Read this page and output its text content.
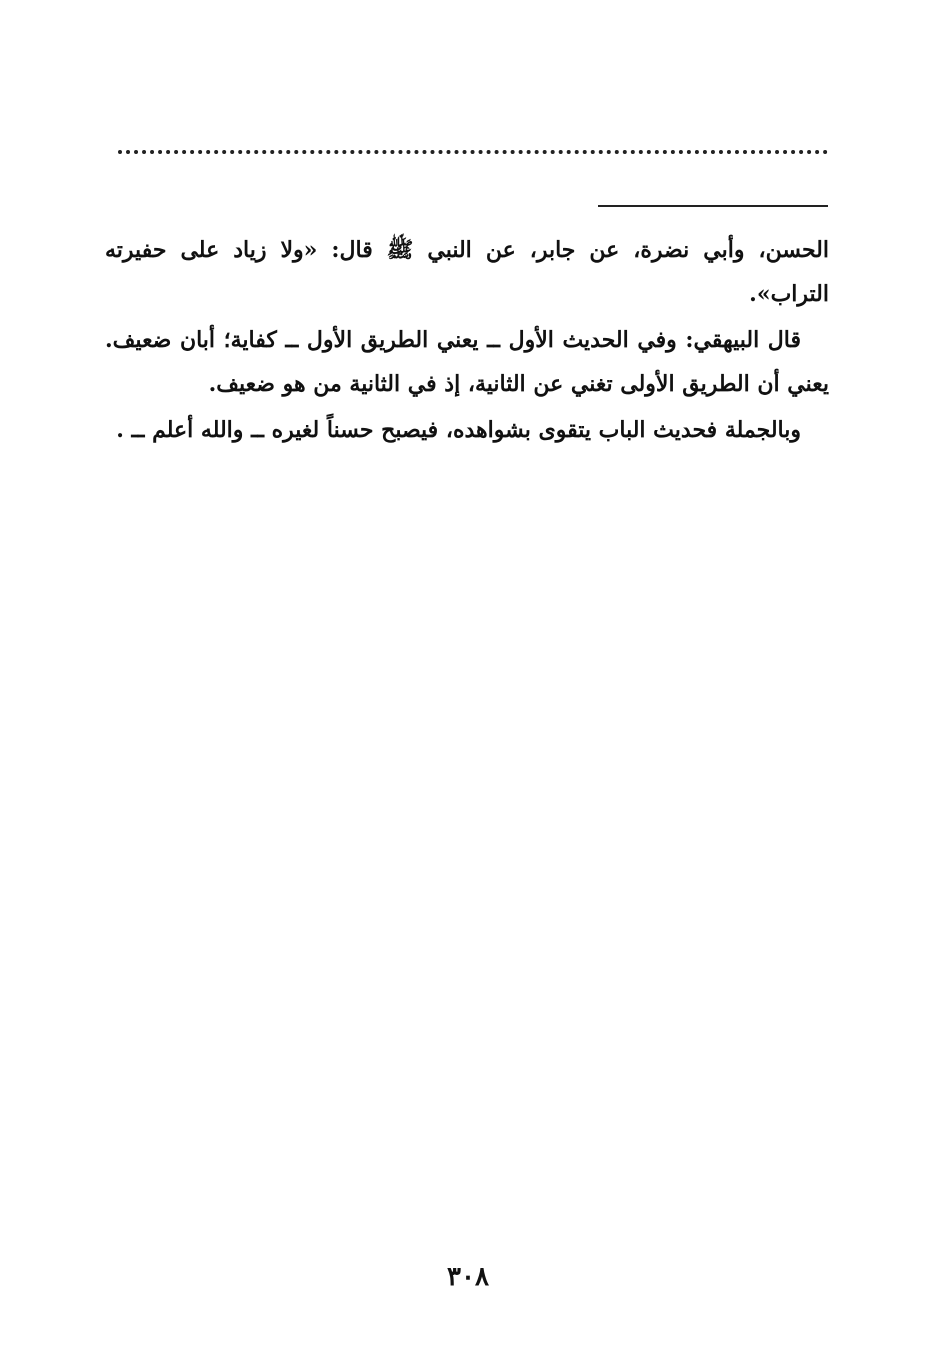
الحسن، وأبي نضرة، عن جابر، عن النبي ﷺ قال: «ولا زياد على حفيرته التراب».

قال البيهقي: وفي الحديث الأول ــ يعني الطريق الأول ــ كفاية؛ أبان ضعيف. يعني أن الطريق الأولى تغني عن الثانية، إذ في الثانية من هو ضعيف.

وبالجملة فحديث الباب يتقوى بشواهده، فيصبح حسناً لغيره ــ والله أعلم ــ .

٣٠٨
